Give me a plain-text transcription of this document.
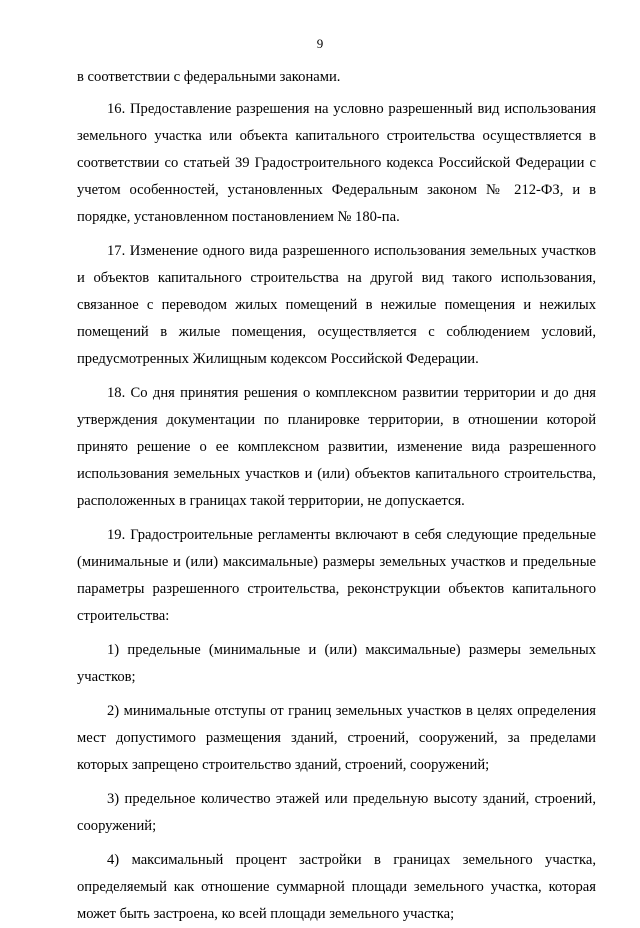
9

в соответствии с федеральными законами.

16. Предоставление разрешения на условно разрешенный вид использования земельного участка или объекта капитального строительства осуществляется в соответствии со статьей 39 Градостроительного кодекса Российской Федерации с учетом особенностей, установленных Федеральным законом № 212-ФЗ, и в порядке, установленном постановлением № 180-па.

17. Изменение одного вида разрешенного использования земельных участков и объектов капитального строительства на другой вид такого использования, связанное с переводом жилых помещений в нежилые помещения и нежилых помещений в жилые помещения, осуществляется с соблюдением условий, предусмотренных Жилищным кодексом Российской Федерации.

18. Со дня принятия решения о комплексном развитии территории и до дня утверждения документации по планировке территории, в отношении которой принято решение о ее комплексном развитии, изменение вида разрешенного использования земельных участков и (или) объектов капитального строительства, расположенных в границах такой территории, не допускается.

19. Градостроительные регламенты включают в себя следующие предельные (минимальные и (или) максимальные) размеры земельных участков и предельные параметры разрешенного строительства, реконструкции объектов капитального строительства:

1) предельные (минимальные и (или) максимальные) размеры земельных участков;

2) минимальные отступы от границ земельных участков в целях определения мест допустимого размещения зданий, строений, сооружений, за пределами которых запрещено строительство зданий, строений, сооружений;

3) предельное количество этажей или предельную высоту зданий, строений, сооружений;

4) максимальный процент застройки в границах земельного участка, определяемый как отношение суммарной площади земельного участка, которая может быть застроена, ко всей площади земельного участка;
